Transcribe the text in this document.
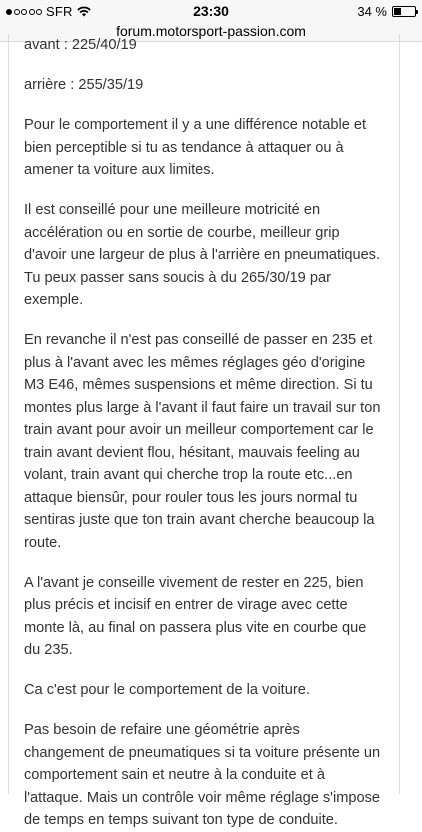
SFR	23:30	34 %
forum.motorsport-passion.com

avant : 225/40/19

arrière : 255/35/19

Pour le comportement il y a une différence notable et bien perceptible si tu as tendance à attaquer ou à amener ta voiture aux limites.

Il est conseillé pour une meilleure motricité en accélération ou en sortie de courbe, meilleur grip d'avoir une largeur de plus à l'arrière en pneumatiques. Tu peux passer sans soucis à du 265/30/19 par exemple.

En revanche il n'est pas conseillé de passer en 235 et plus à l'avant avec les mêmes réglages géo d'origine M3 E46, mêmes suspensions et même direction. Si tu montes plus large à l'avant il faut faire un travail sur ton train avant pour avoir un meilleur comportement car le train avant devient flou, hésitant, mauvais feeling au volant, train avant qui cherche trop la route etc...en attaque biensûr, pour rouler tous les jours normal tu sentiras juste que ton train avant cherche beaucoup la route.

A l'avant je conseille vivement de rester en 225, bien plus précis et incisif en entrer de virage avec cette monte là, au final on passera plus vite en courbe que du 235.

Ca c'est pour le comportement de la voiture.

Pas besoin de refaire une géométrie après changement de pneumatiques si ta voiture présente un comportement sain et neutre à la conduite et à l'attaque. Mais un contrôle voir même réglage s'impose de temps en temps suivant ton type de conduite.
